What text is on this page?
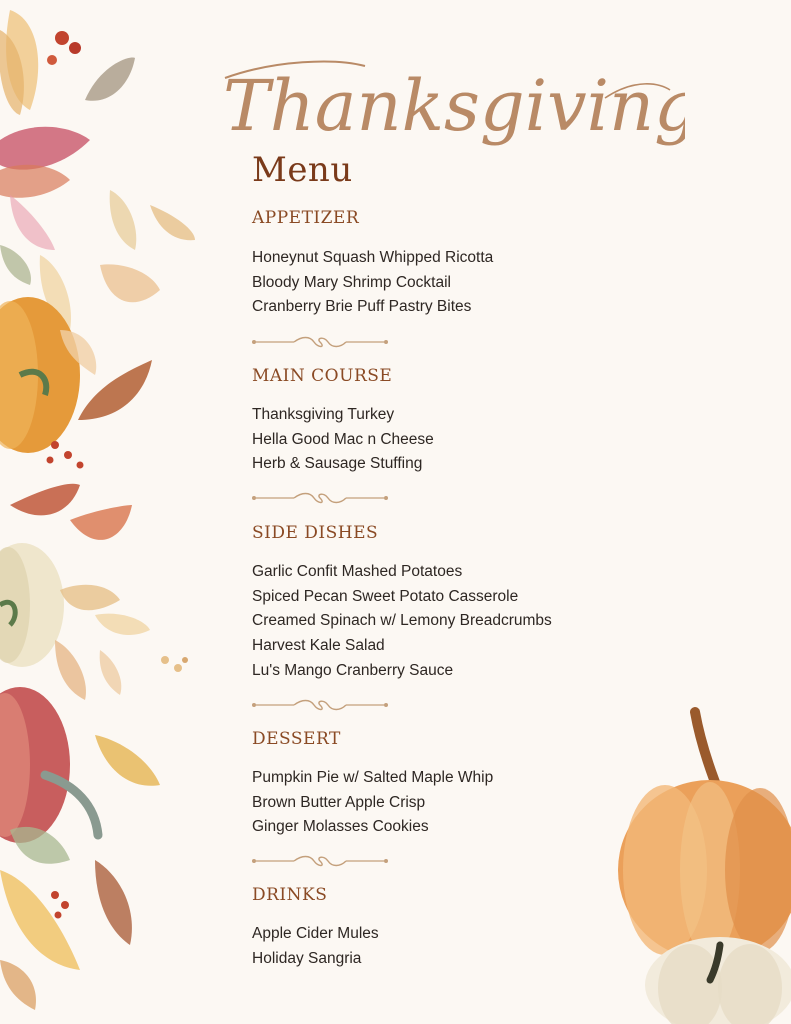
Thanksgiving
Menu
APPETIZER
Honeynut Squash Whipped Ricotta
Bloody Mary Shrimp Cocktail
Cranberry Brie Puff Pastry Bites
MAIN COURSE
Thanksgiving Turkey
Hella Good Mac n Cheese
Herb & Sausage Stuffing
SIDE DISHES
Garlic Confit Mashed Potatoes
Spiced Pecan Sweet Potato Casserole
Creamed Spinach w/ Lemony Breadcrumbs
Harvest Kale Salad
Lu's Mango Cranberry Sauce
DESSERT
Pumpkin Pie w/ Salted Maple Whip
Brown Butter Apple Crisp
Ginger Molasses Cookies
DRINKS
Apple Cider Mules
Holiday Sangria
